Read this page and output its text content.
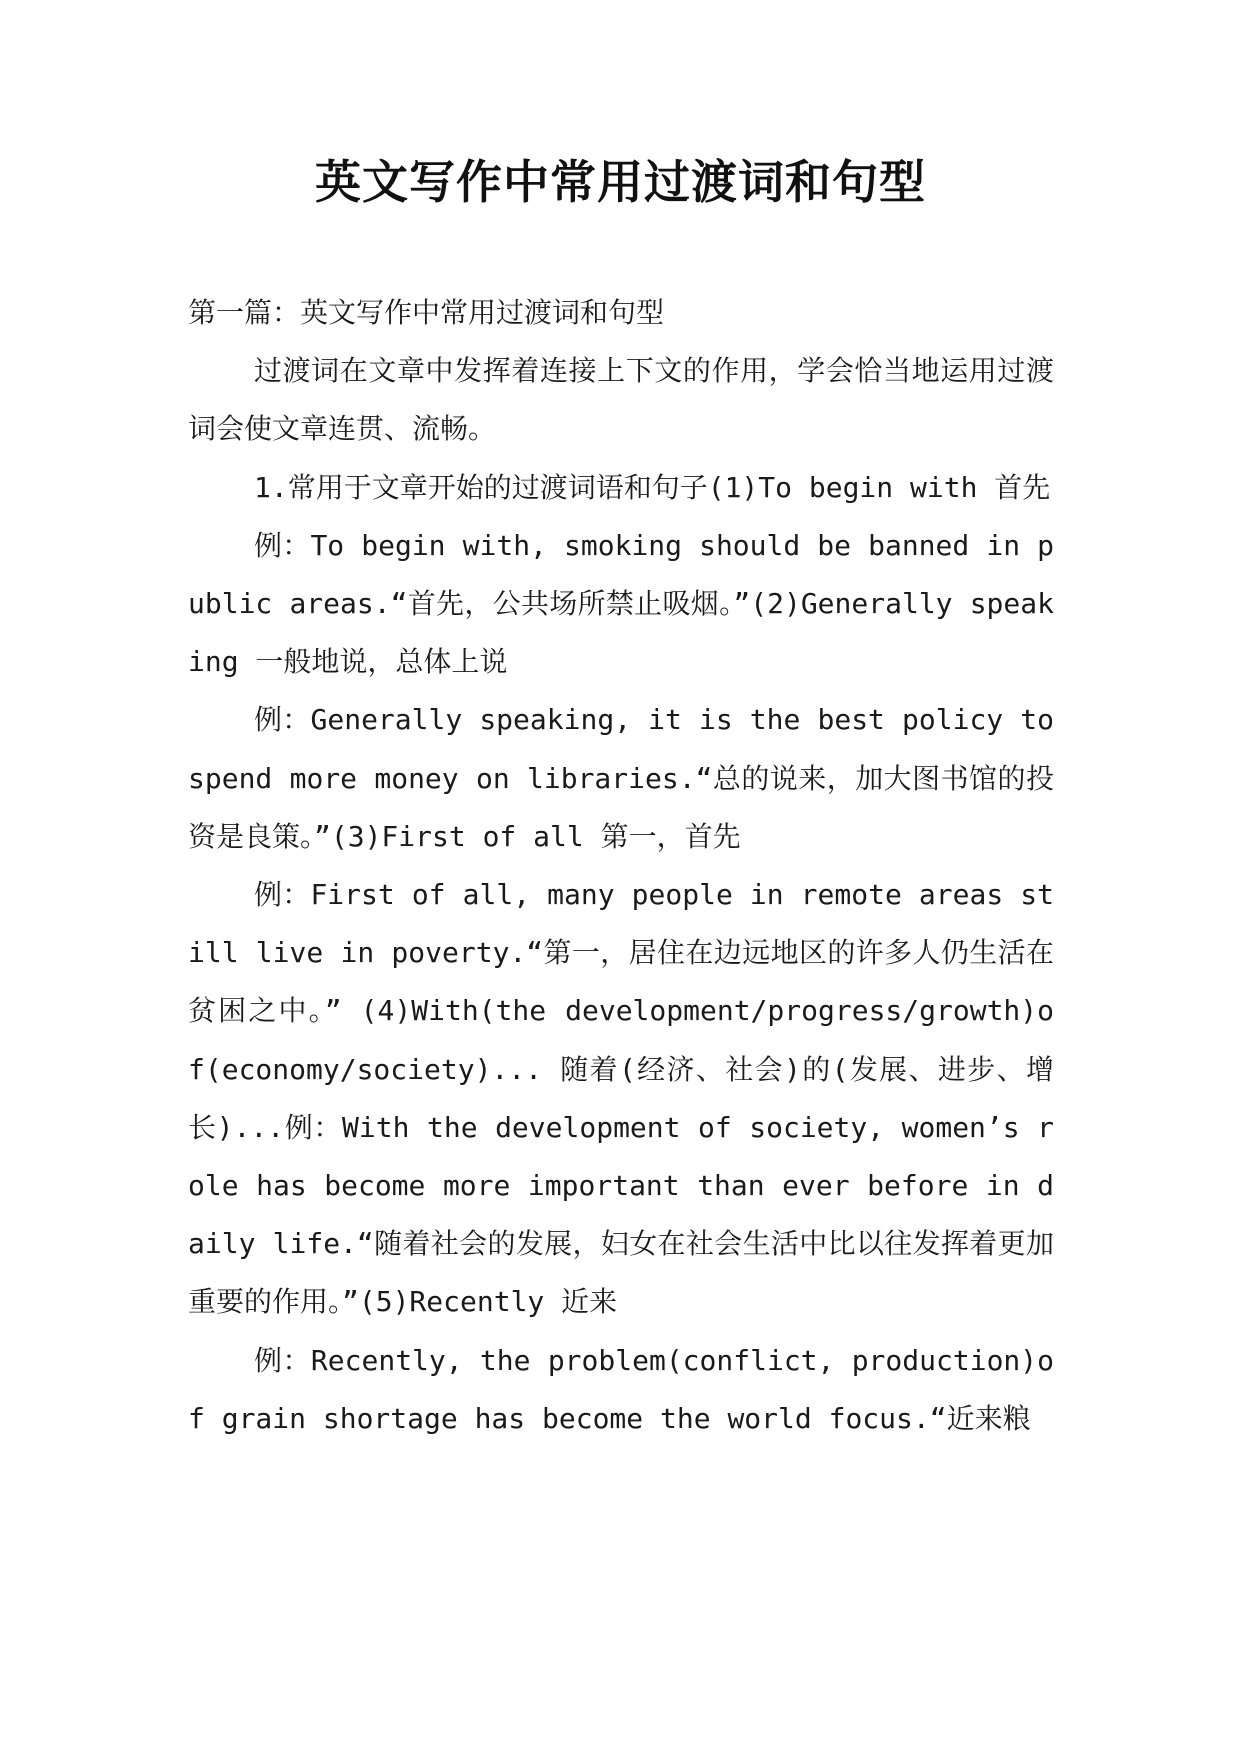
英文写作中常用过渡词和句型

第一篇：英文写作中常用过渡词和句型

过渡词在文章中发挥着连接上下文的作用，学会恰当地运用过渡词会使文章连贯、流畅。

1.常用于文章开始的过渡词语和句子(1)To begin with 首先

例：To begin with, smoking should be banned in public areas.“首先，公共场所禁止吸烟。”(2)Generally speaking 一般地说，总体上说

例：Generally speaking, it is the best policy to spend more money on libraries.“总的说来，加大图书馆的投资是良策。”(3)First of all 第一，首先

例：First of all, many people in remote areas still live in poverty.“第一，居住在边远地区的许多人仍生活在贫困之中。” (4)With(the development/progress/growth)of(economy/society)... 随着(经济、社会)的(发展、进步、增长)...例：With the development of society, women’s role has become more important than ever before in daily life.“随着社会的发展，妇女在社会生活中比以往发挥着更加重要的作用。”(5)Recently 近来

例：Recently, the problem(conflict, production)of grain shortage has become the world focus.“近来粮
